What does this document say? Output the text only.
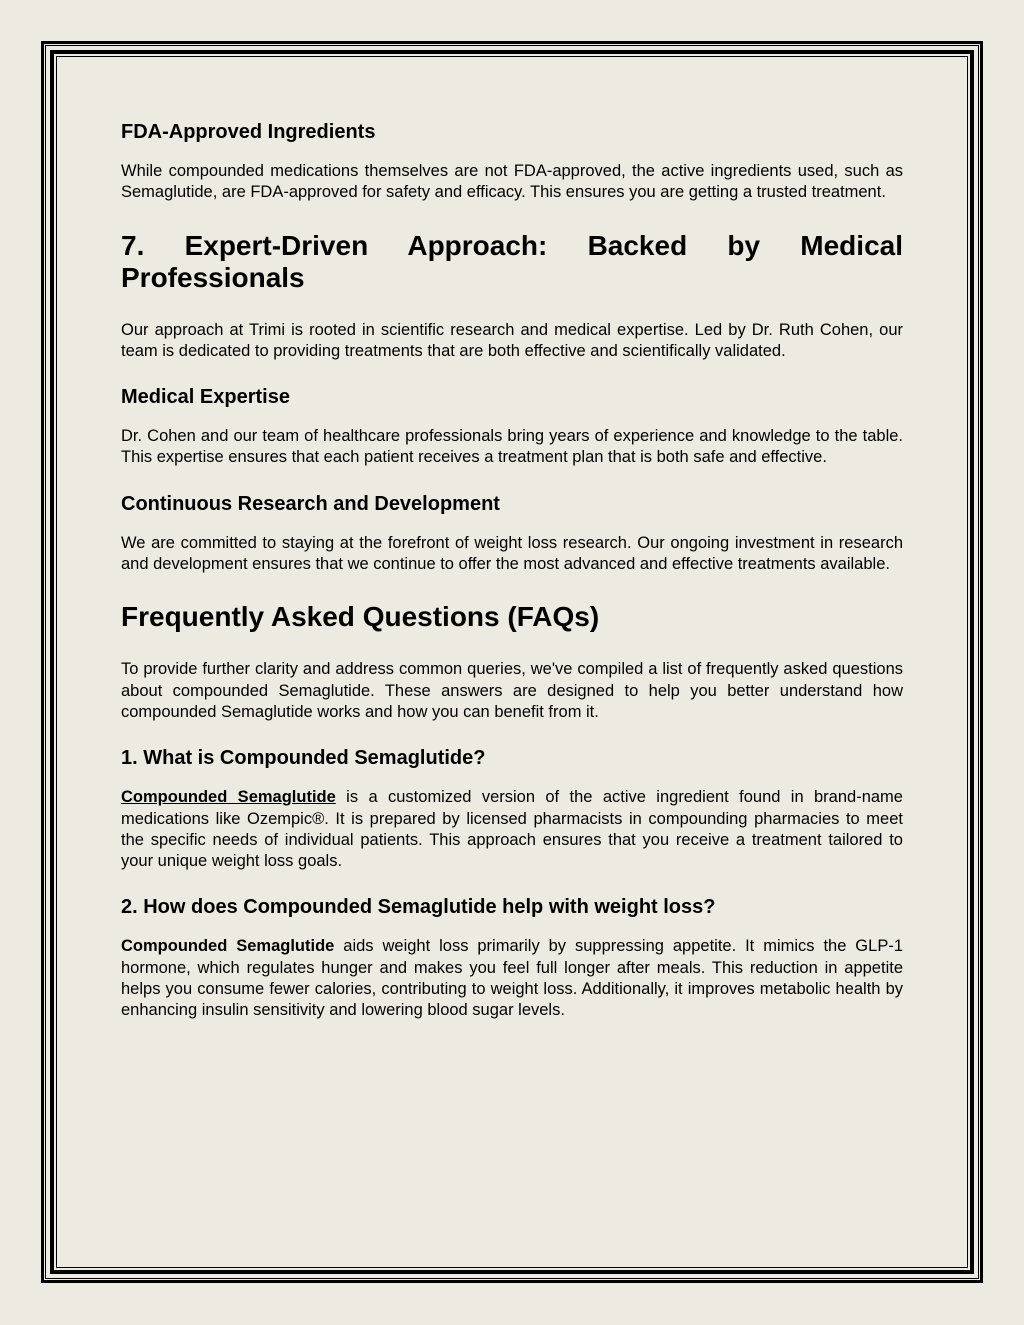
FDA-Approved Ingredients

While compounded medications themselves are not FDA-approved, the active ingredients used, such as Semaglutide, are FDA-approved for safety and efficacy. This ensures you are getting a trusted treatment.

7. Expert-Driven Approach: Backed by Medical Professionals

Our approach at Trimi is rooted in scientific research and medical expertise. Led by Dr. Ruth Cohen, our team is dedicated to providing treatments that are both effective and scientifically validated.

Medical Expertise

Dr. Cohen and our team of healthcare professionals bring years of experience and knowledge to the table. This expertise ensures that each patient receives a treatment plan that is both safe and effective.

Continuous Research and Development

We are committed to staying at the forefront of weight loss research. Our ongoing investment in research and development ensures that we continue to offer the most advanced and effective treatments available.

Frequently Asked Questions (FAQs)

To provide further clarity and address common queries, we've compiled a list of frequently asked questions about compounded Semaglutide. These answers are designed to help you better understand how compounded Semaglutide works and how you can benefit from it.

1. What is Compounded Semaglutide?

Compounded Semaglutide is a customized version of the active ingredient found in brand-name medications like Ozempic®. It is prepared by licensed pharmacists in compounding pharmacies to meet the specific needs of individual patients. This approach ensures that you receive a treatment tailored to your unique weight loss goals.

2. How does Compounded Semaglutide help with weight loss?

Compounded Semaglutide aids weight loss primarily by suppressing appetite. It mimics the GLP-1 hormone, which regulates hunger and makes you feel full longer after meals. This reduction in appetite helps you consume fewer calories, contributing to weight loss. Additionally, it improves metabolic health by enhancing insulin sensitivity and lowering blood sugar levels.
